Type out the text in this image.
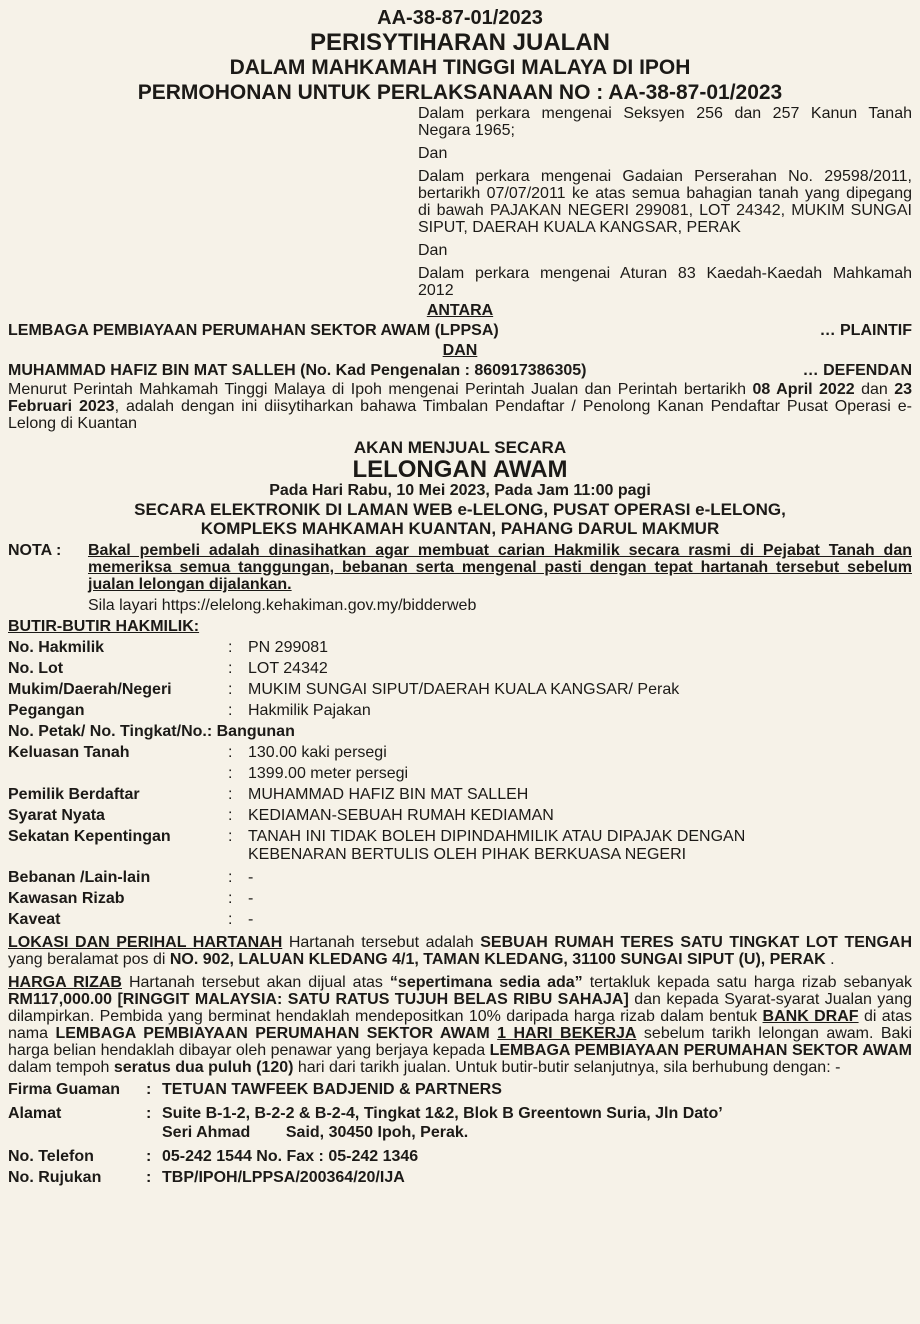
AA-38-87-01/2023
PERISYTIHARAN JUALAN
DALAM MAHKAMAH TINGGI MALAYA DI IPOH
PERMOHONAN UNTUK PERLAKSANAAN NO : AA-38-87-01/2023

Dalam perkara mengenai Seksyen 256 dan 257 Kanun Tanah Negara 1965;

Dan

Dalam perkara mengenai Gadaian Perserahan No. 29598/2011, bertarikh 07/07/2011 ke atas semua bahagian tanah yang dipegang di bawah PAJAKAN NEGERI 299081, LOT 24342, MUKIM SUNGAI SIPUT, DAERAH KUALA KANGSAR, PERAK

Dan

Dalam perkara mengenai Aturan 83 Kaedah-Kaedah Mahkamah 2012

ANTARA
LEMBAGA PEMBIAYAAN PERUMAHAN SEKTOR AWAM (LPPSA)	… PLAINTIF
DAN
MUHAMMAD HAFIZ BIN MAT SALLEH (No. Kad Pengenalan : 860917386305)	… DEFENDAN

Menurut Perintah Mahkamah Tinggi Malaya di Ipoh mengenai Perintah Jualan dan Perintah bertarikh 08 April 2022 dan 23 Februari 2023, adalah dengan ini diisytiharkan bahawa Timbalan Pendaftar / Penolong Kanan Pendaftar Pusat Operasi e-Lelong di Kuantan

AKAN MENJUAL SECARA
LELONGAN AWAM
Pada Hari Rabu, 10 Mei 2023, Pada Jam 11:00 pagi
SECARA ELEKTRONIK DI LAMAN WEB e-LELONG, PUSAT OPERASI e-LELONG,
KOMPLEKS MAHKAMAH KUANTAN, PAHANG DARUL MAKMUR
NOTA :	Bakal pembeli adalah dinasihatkan agar membuat carian Hakmilik secara rasmi di Pejabat Tanah dan memeriksa semua tanggungan, bebanan serta mengenal pasti dengan tepat hartanah tersebut sebelum jualan lelongan dijalankan.
Sila layari https://elelong.kehakiman.gov.my/bidderweb
BUTIR-BUTIR HAKMILIK:
No. Hakmilik	: PN 299081
No. Lot	: LOT 24342
Mukim/Daerah/Negeri	: MUKIM SUNGAI SIPUT/DAERAH KUALA KANGSAR/ Perak
Pegangan	: Hakmilik Pajakan
No. Petak/ No. Tingkat/No.: Bangunan
Keluasan Tanah	: 130.00 kaki persegi
: 1399.00 meter persegi
Pemilik Berdaftar	: MUHAMMAD HAFIZ BIN MAT SALLEH
Syarat Nyata	: KEDIAMAN-SEBUAH RUMAH KEDIAMAN
Sekatan Kepentingan	: TANAH INI TIDAK BOLEH DIPINDAHMILIK ATAU DIPAJAK DENGAN KEBENARAN BERTULIS OLEH PIHAK BERKUASA NEGERI
Bebanan /Lain-lain	: -
Kawasan Rizab	: -
Kaveat	: -

LOKASI DAN PERIHAL HARTANAH Hartanah tersebut adalah SEBUAH RUMAH TERES SATU TINGKAT LOT TENGAH yang beralamat pos di NO. 902, LALUAN KLEDANG 4/1, TAMAN KLEDANG, 31100 SUNGAI SIPUT (U), PERAK .

HARGA RIZAB Hartanah tersebut akan dijual atas “sepertimana sedia ada” tertakluk kepada satu harga rizab sebanyak RM117,000.00 [RINGGIT MALAYSIA: SATU RATUS TUJUH BELAS RIBU SAHAJA] dan kepada Syarat-syarat Jualan yang dilampirkan. Pembida yang berminat hendaklah mendepositkan 10% daripada harga rizab dalam bentuk BANK DRAF di atas nama LEMBAGA PEMBIAYAAN PERUMAHAN SEKTOR AWAM 1 HARI BEKERJA sebelum tarikh lelongan awam. Baki harga belian hendaklah dibayar oleh penawar yang berjaya kepada LEMBAGA PEMBIAYAAN PERUMAHAN SEKTOR AWAM dalam tempoh seratus dua puluh (120) hari dari tarikh jualan. Untuk butir-butir selanjutnya, sila berhubung dengan: -

Firma Guaman	: TETUAN TAWFEEK BADJENID & PARTNERS
Alamat	: Suite B-1-2, B-2-2 & B-2-4, Tingkat 1&2, Blok B Greentown Suria, Jln Dato’ Seri Ahmad        Said, 30450 Ipoh, Perak.
No. Telefon	: 05-242 1544 No. Fax : 05-242 1346
No. Rujukan	: TBP/IPOH/LPPSA/200364/20/IJA
